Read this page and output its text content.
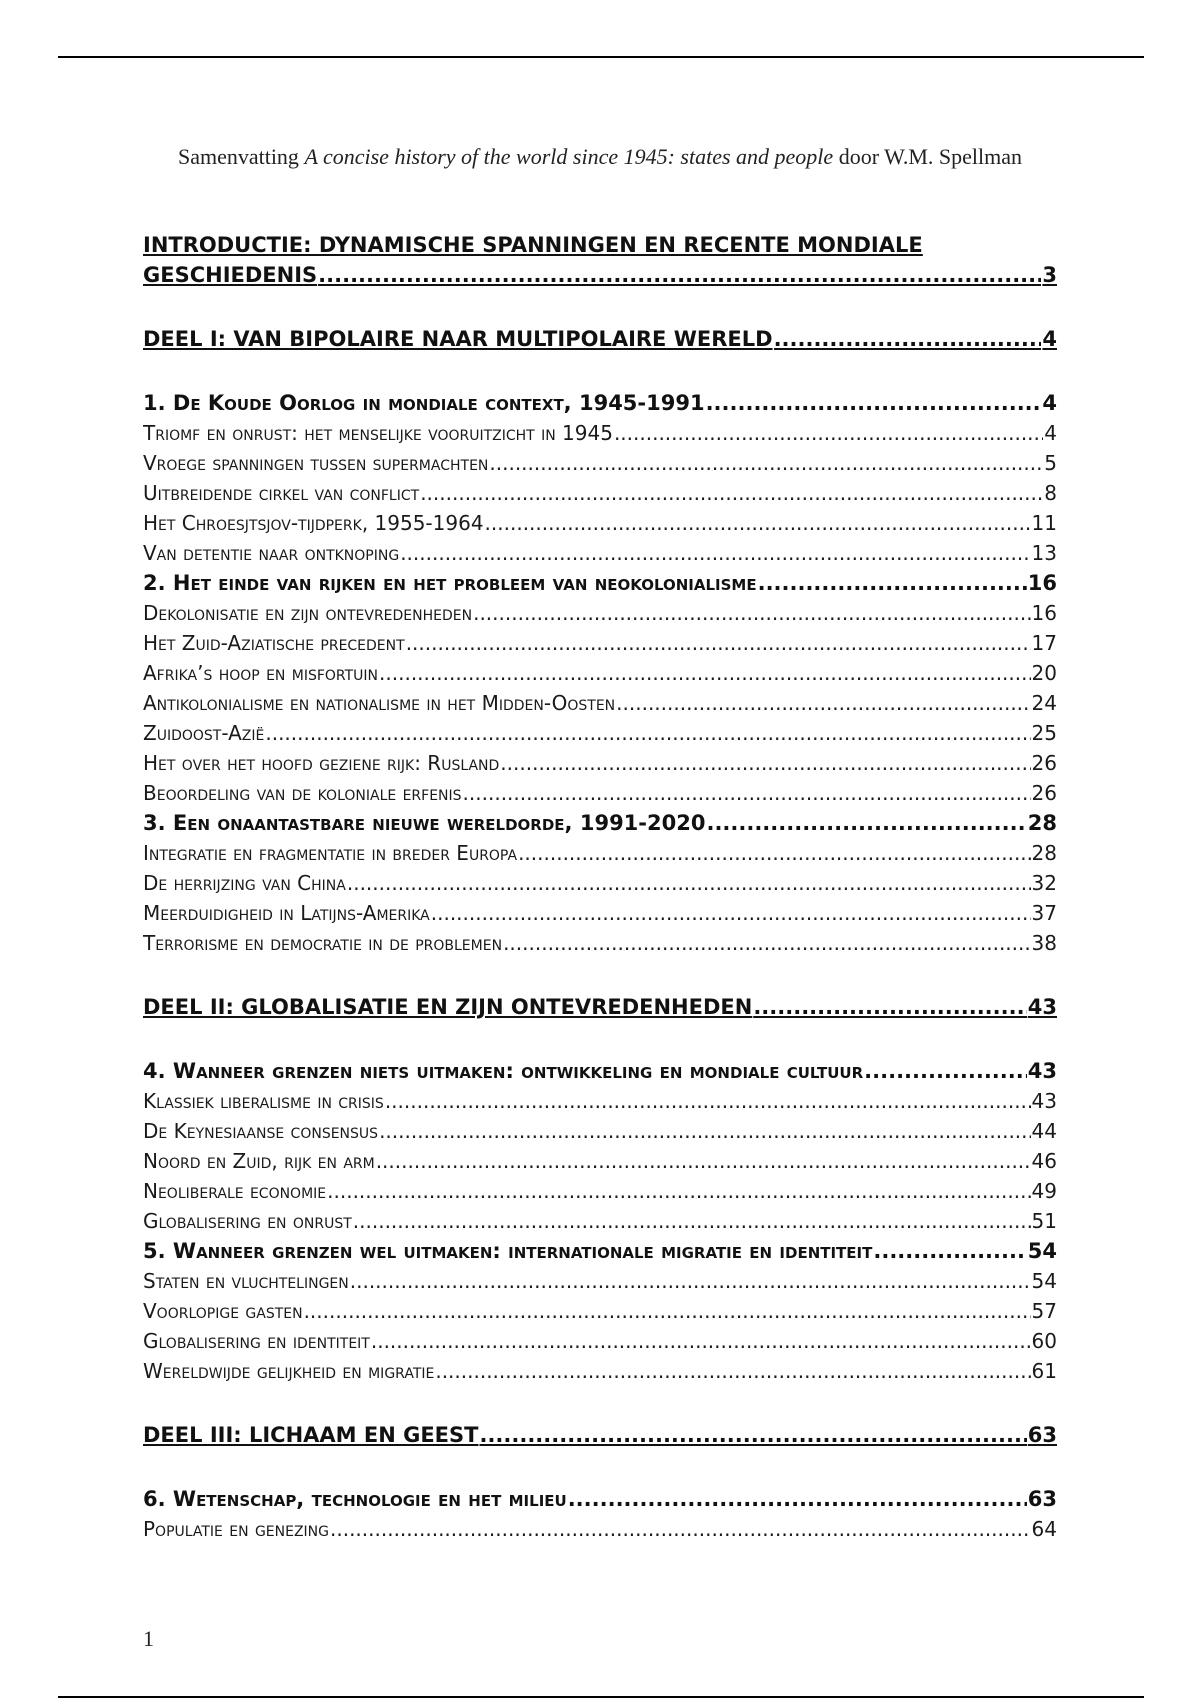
Samenvatting A concise history of the world since 1945: states and people door W.M. Spellman
INTRODUCTIE: DYNAMISCHE SPANNINGEN EN RECENTE MONDIALE
GESCHIEDENIS .....	3
DEEL I: VAN BIPOLAIRE NAAR MULTIPOLAIRE WERELD .....	4
1. De Koude Oorlog in mondiale context, 1945-1991 .....	4
Triomf en onrust: het menselijke vooruitzicht in 1945 .....	4
Vroege spanningen tussen supermachten .....	5
Uitbreidende cirkel van conflict .....	8
Het Chroesjtsjov-tijdperk, 1955-1964 .....	11
Van detentie naar ontknoping .....	13
2. Het einde van rijken en het probleem van neokolonialisme .....	16
Dekolonisatie en zijn ontevredenheden .....	16
Het Zuid-Aziatische precedent .....	17
Afrika’s hoop en misfortuin .....	20
Antikolonialisme en nationalisme in het Midden-Oosten .....	24
Zuidoost-Azië .....	25
Het over het hoofd geziene rijk: Rusland .....	26
Beoordeling van de koloniale erfenis .....	26
3. Een onaantastbare nieuwe wereldorde, 1991-2020 .....	28
Integratie en fragmentatie in breder Europa .....	28
De herrijzing van China .....	32
Meerduidigheid in Latijns-Amerika .....	37
Terrorisme en democratie in de problemen .....	38
DEEL II: GLOBALISATIE EN ZIJN ONTEVREDENHEDEN .....	43
4. Wanneer grenzen niets uitmaken: ontwikkeling en mondiale cultuur .....	43
Klassiek liberalisme in crisis .....	43
De Keynesiaanse consensus .....	44
Noord en Zuid, rijk en arm .....	46
Neoliberale economie .....	49
Globalisering en onrust .....	51
5. Wanneer grenzen wel uitmaken: internationale migratie en identiteit .....	54
Staten en vluchtelingen .....	54
Voorlopige gasten .....	57
Globalisering en identiteit .....	60
Wereldwijde gelijkheid en migratie .....	61
DEEL III: LICHAAM EN GEEST .....	63
6. Wetenschap, technologie en het milieu .....	63
Populatie en genezing .....	64
1
